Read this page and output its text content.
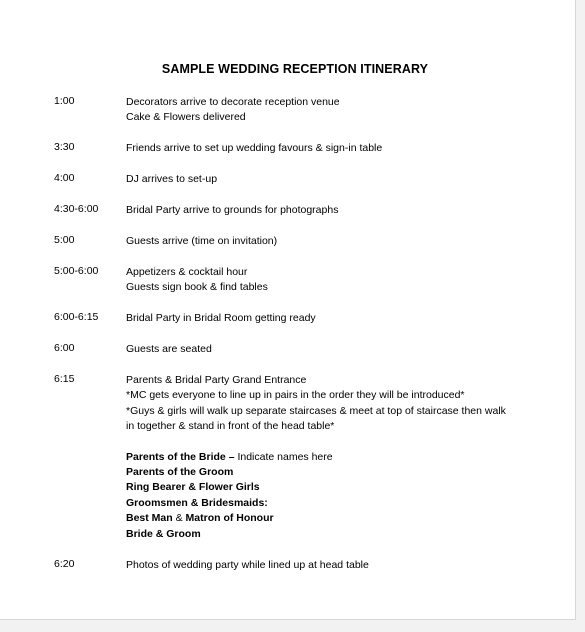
SAMPLE WEDDING RECEPTION ITINERARY
1:00	Decorators arrive to decorate reception venue
Cake & Flowers delivered
3:30	Friends arrive to set up wedding favours & sign-in table
4:00	DJ arrives to set-up
4:30-6:00	Bridal Party arrive to grounds for photographs
5:00	Guests arrive (time on invitation)
5:00-6:00	Appetizers & cocktail hour
Guests sign book & find tables
6:00-6:15	Bridal Party in Bridal Room getting ready
6:00	Guests are seated
6:15	Parents & Bridal Party Grand Entrance
*MC gets everyone to line up in pairs in the order they will be introduced*
*Guys & girls will walk up separate staircases & meet at top of staircase then walk in together & stand in front of the head table*
Parents of the Bride – Indicate names here
Parents of the Groom
Ring Bearer & Flower Girls
Groomsmen & Bridesmaids:
Best Man & Matron of Honour
Bride & Groom
6:20	Photos of wedding party while lined up at head table
